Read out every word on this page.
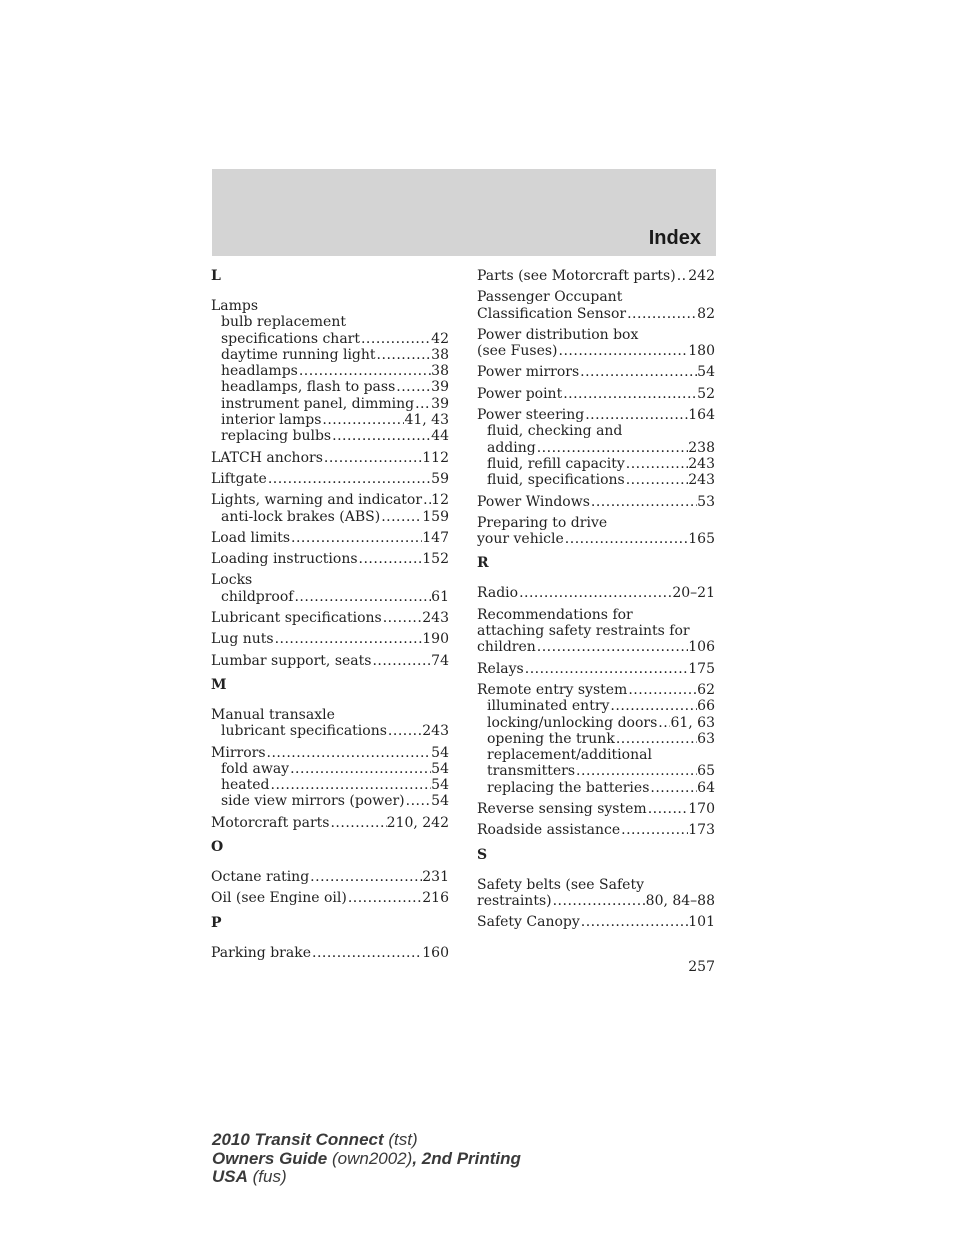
Index
L
Lamps
bulb replacement
specifications chart .....	42
daytime running light .....	38
headlamps .....	38
headlamps, flash to pass .....	39
instrument panel, dimming ..... 39
interior lamps .....	41, 43
replacing bulbs .....	44
LATCH anchors .....	112
Liftgate .....	59
Lights, warning and indicator ..... 12
anti-lock brakes (ABS) .....	159
Load limits .....	147
Loading instructions .....	152
Locks
childproof .....	61
Lubricant specifications .....	243
Lug nuts .....	190
Lumbar support, seats .....	74
M
Manual transaxle
lubricant specifications .....	243
Mirrors .....	54
fold away .....	54
heated .....	54
side view mirrors (power) ..... 54
Motorcraft parts .....	210, 242
O
Octane rating .....	231
Oil (see Engine oil) .....	216
P
Parking brake .....	160
Parts (see Motorcraft parts) ..... 242
Passenger Occupant
Classification Sensor .....	82
Power distribution box
(see Fuses) .....	180
Power mirrors .....	54
Power point .....	52
Power steering .....	164
fluid, checking and
adding .....	238
fluid, refill capacity .....	243
fluid, specifications .....	243
Power Windows .....	53
Preparing to drive
your vehicle .....	165
R
Radio .....	20–21
Recommendations for
attaching safety restraints for
children .....	106
Relays .....	175
Remote entry system .....	62
illuminated entry .....	66
locking/unlocking doors ..... 61, 63
opening the trunk .....	63
replacement/additional
transmitters .....	65
replacing the batteries .....	64
Reverse sensing system .....	170
Roadside assistance .....	173
S
Safety belts (see Safety
restraints) .....	80, 84–88
Safety Canopy .....	101
257
2010 Transit Connect (tst)
Owners Guide (own2002), 2nd Printing
USA (fus)
